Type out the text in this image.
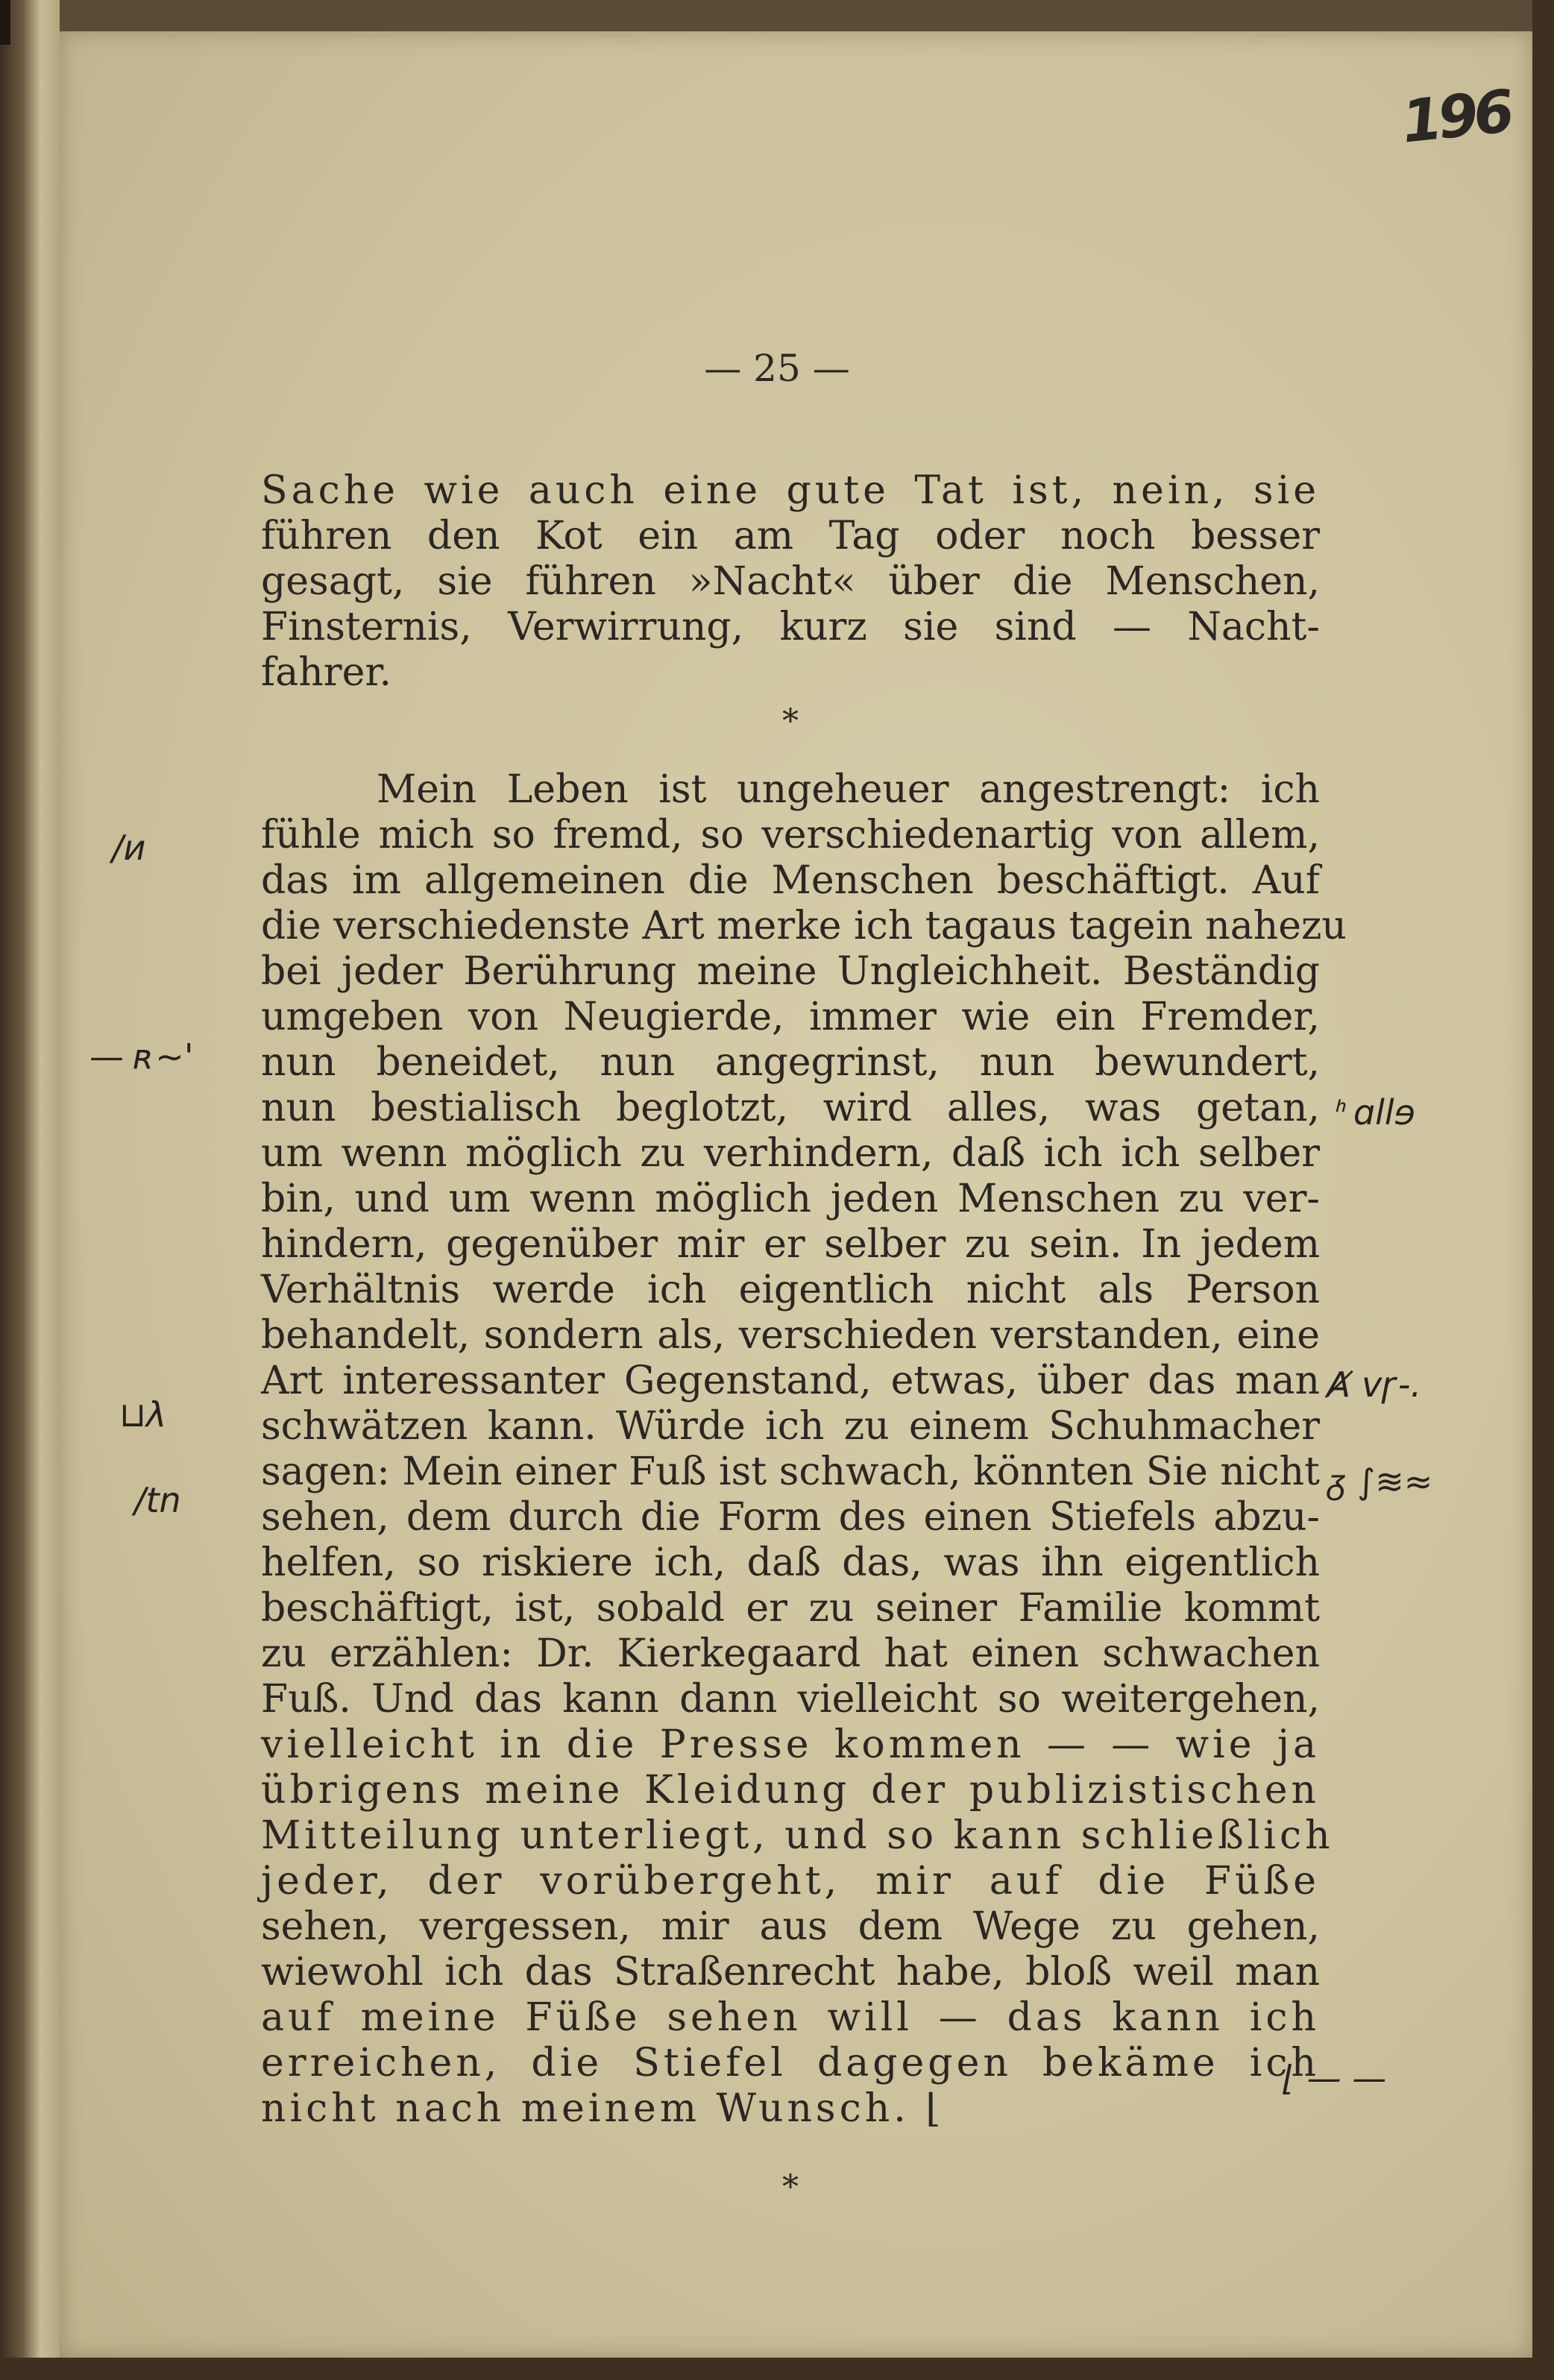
196
— 25 —
Sache wie auch eine gute Tat ist, nein, sie
führen den Kot ein am Tag oder noch besser
gesagt, sie führen »Nacht« über die Menschen,
Finsternis, Verwirrung, kurz sie sind — Nacht-
fahrer.
*
Mein Leben ist ungeheuer angestrengt: ich
fühle mich so fremd, so verschiedenartig von allem,
das im allgemeinen die Menschen beschäftigt. Auf
die verschiedenste Art merke ich tagaus tagein nahezu
bei jeder Berührung meine Ungleichheit. Beständig
umgeben von Neugierde, immer wie ein Fremder,
nun beneidet, nun angegrinst, nun bewundert,
nun bestialisch beglotzt, wird alles, was getan,
um wenn möglich zu verhindern, daß ich ich selber
bin, und um wenn möglich jeden Menschen zu ver-
hindern, gegenüber mir er selber zu sein. In jedem
Verhältnis werde ich eigentlich nicht als Person
behandelt, sondern als, verschieden verstanden, eine
Art interessanter Gegenstand, etwas, über das man
schwätzen kann. Würde ich zu einem Schuhmacher
sagen: Mein einer Fuß ist schwach, könnten Sie nicht
sehen, dem durch die Form des einen Stiefels abzu-
helfen, so riskiere ich, daß das, was ihn eigentlich
beschäftigt, ist, sobald er zu seiner Familie kommt
zu erzählen: Dr. Kierkegaard hat einen schwachen
Fuß. Und das kann dann vielleicht so weitergehen,
vielleicht in die Presse kommen — — wie ja
übrigens meine Kleidung der publizistischen
Mitteilung unterliegt, und so kann schließlich
jeder, der vorübergeht, mir auf die Füße
sehen, vergessen, mir aus dem Wege zu gehen,
wiewohl ich das Straßenrecht habe, bloß weil man
auf meine Füße sehen will — das kann ich
erreichen, die Stiefel dagegen bekäme ich
nicht nach meinem Wunsch. ⌊
*
/ᴎ
— ʀ~'
⊔λ
/tn
ᑋ ɑllɘ
Ⱥ ᴠɼ-.
ᵹ ∫≋≈
⌊ — —
